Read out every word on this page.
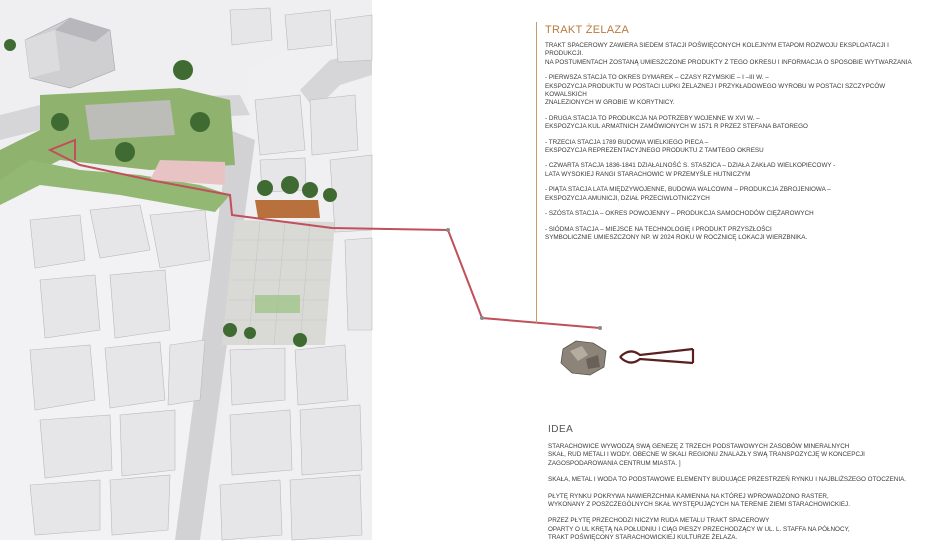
TRAKT ŻELAZA

TRAKT SPACEROWY ZAWIERA SIEDEM STACJI POŚWIĘCONYCH KOLEJNYM ETAPOM ROZWOJU EKSPLOATACJI I PRODUKCJI.
NA POSTUMENTACH ZOSTANĄ UMIESZCZONE PRODUKTY Z TEGO OKRESU I INFORMACJA O SPOSOBIE WYTWARZANIA

- PIERWSZA STACJA TO OKRES DYMAREK – CZASY RZYMSKIE – I –III W. –
EKSPOZYCJA PRODUKTU W POSTACI LUPKI ŻELAZNEJ I PRZYKŁADOWEGO WYROBU W POSTACI SZCZYPCÓW KOWALSKICH
ZNALEZIONYCH W GROBIE W KORYTNICY.

- DRUGA STACJA TO PRODUKCJA NA POTRZEBY WOJENNE W XVI W. –
EKSPOZYCJA KUL ARMATNICH ZAMÓWIONYCH W 1571 R PRZEZ STEFANA BATOREGO

- TRZECIA STACJA 1789 BUDOWA WIELKIEGO PIECA –
EKSPOZYCJA REPREZENTACYJNEGO PRODUKTU Z TAMTEGO OKRESU

- CZWARTA STACJA 1836-1841 DZIAŁALNOŚĆ S. STASZICA – DZIAŁA ZAKŁAD WIELKOPIECOWY -
LATA WYSOKIEJ RANGI STARACHOWIC W PRZEMYŚLE HUTNICZYM

- PIĄTA STACJA LATA MIĘDZYWOJENNE, BUDOWA WALCOWNI – PRODUKCJA ZBROJENIOWA –
EKSPOZYCJA AMUNICJI, DZIAŁ PRZECIWLOTNICZYCH

- SZÓSTA STACJA – OKRES POWOJENNY – PRODUKCJA SAMOCHODÓW CIĘŻAROWYCH

- SIÓDMA STACJA – MIEJSCE NA TECHNOLOGIĘ I PRODUKT PRZYSZŁOŚCI
SYMBOLICZNIE UMIESZCZONY NP. W 2024 ROKU W ROCZNICĘ LOKACJI WIERZBNIKA.

IDEA

STARACHOWICE WYWODZĄ SWĄ GENEZĘ Z TRZECH PODSTAWOWYCH ZASOBÓW MINERALNYCH
SKAŁ, RUD METALI I WODY. OBECNE W SKALI REGIONU ZNALAZŁY SWĄ TRANSPOZYCJĘ W KONCEPCJI
ZAGOSPODAROWANIA CENTRUM MIASTA. ]

SKAŁA, METAL I WODA TO PODSTAWOWE ELEMENTY BUDUJĄCE PRZESTRZEŃ RYNKU I NAJBLIŻSZEGO OTOCZENIA.

PŁYTĘ RYNKU POKRYWA NAWIERZCHNIA KAMIENNA NA KTÓREJ WPROWADZONO RASTER,
WYKONANY Z POSZCZEGÓLNYCH SKAŁ WYSTĘPUJĄCYCH NA TERENIE ZIEMI STARACHOWICKIEJ.

PRZEZ PŁYTĘ PRZECHODZI NICZYM RUDA METALU TRAKT SPACEROWY
OPARTY O UL KRĘTĄ NA POŁUDNIU I CIĄG PIESZY PRZECHODZĄCY W UL. L. STAFFA NA PÓŁNOCY,
TRAKT POŚWIĘCONY STARACHOWICKIEJ KULTURZE ŻELAZA.
